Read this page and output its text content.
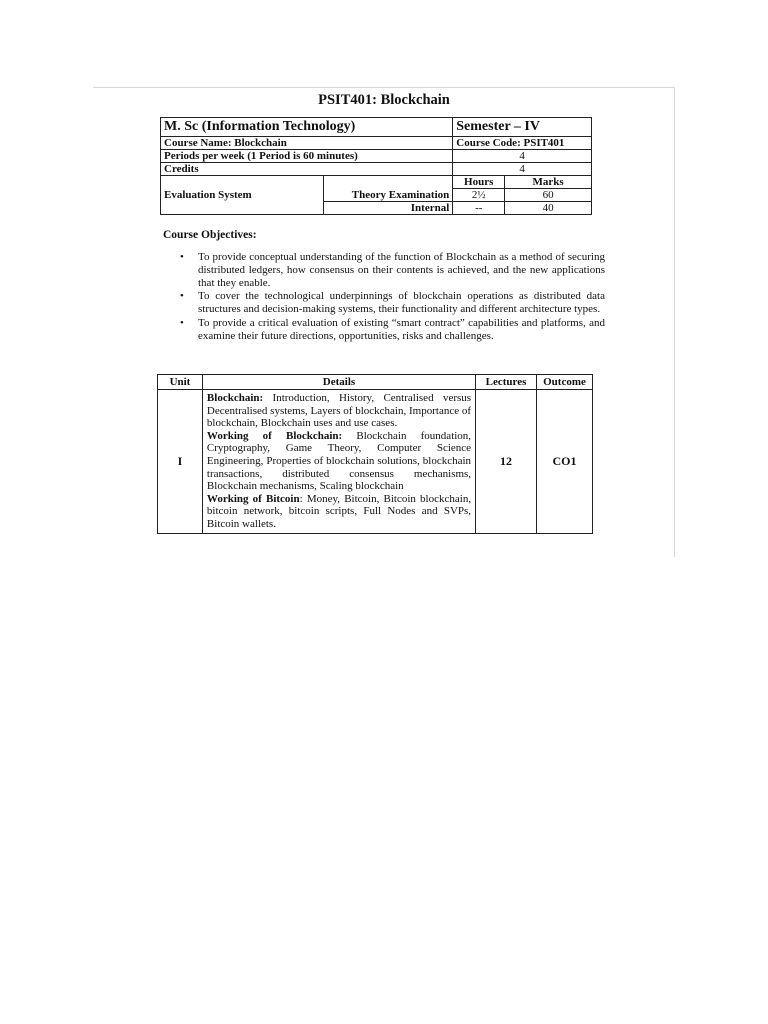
PSIT401: Blockchain
M. Sc (Information Technology)		Semester – IV	
Course Name: Blockchain		Course Code: PSIT401	
Periods per week (1 Period is 60 minutes)		4	
Credits		4	
Evaluation System		Hours	Marks
	Theory Examination	2½	60
	Internal	--	40
Course Objectives:
• To provide conceptual understanding of the function of Blockchain as a method of securing distributed ledgers, how consensus on their contents is achieved, and the new applications that they enable.
• To cover the technological underpinnings of blockchain operations as distributed data structures and decision-making systems, their functionality and different architecture types.
• To provide a critical evaluation of existing “smart contract” capabilities and platforms, and examine their future directions, opportunities, risks and challenges.
Unit	Details	Lectures	Outcome
I	Blockchain: Introduction, History, Centralised versus Decentralised systems, Layers of blockchain, Importance of blockchain, Blockchain uses and use cases.
Working of Blockchain: Blockchain foundation, Cryptography, Game Theory, Computer Science Engineering, Properties of blockchain solutions, blockchain transactions, distributed consensus mechanisms, Blockchain mechanisms, Scaling blockchain
Working of Bitcoin: Money, Bitcoin, Bitcoin blockchain, bitcoin network, bitcoin scripts, Full Nodes and SVPs, Bitcoin wallets.	12	CO1
